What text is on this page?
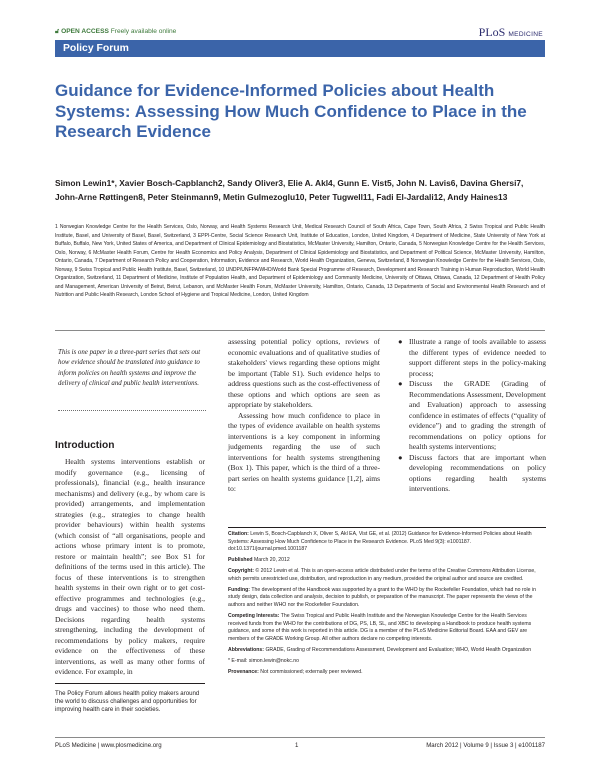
🔓︎ OPEN ACCESS Freely available online	PLoS MEDICINE
Policy Forum
Guidance for Evidence-Informed Policies about Health Systems: Assessing How Much Confidence to Place in the Research Evidence
Simon Lewin1*, Xavier Bosch-Capblanch2, Sandy Oliver3, Elie A. Akl4, Gunn E. Vist5, John N. Lavis6, Davina Ghersi7, John-Arne Røttingen8, Peter Steinmann9, Metin Gulmezoglu10, Peter Tugwell11, Fadi El-Jardali12, Andy Haines13
1 Norwegian Knowledge Centre for the Health Services, Oslo, Norway, and Health Systems Research Unit, Medical Research Council of South Africa, Cape Town, South Africa, 2 Swiss Tropical and Public Health Institute, Basel, and University of Basel, Basel, Switzerland, 3 EPPI-Centre, Social Science Research Unit, Institute of Education, London, United Kingdom, 4 Department of Medicine, State University of New York at Buffalo, Buffalo, New York, United States of America, and Department of Clinical Epidemiology and Biostatistics, McMaster University, Hamilton, Ontario, Canada, 5 Norwegian Knowledge Centre for the Health Services, Oslo, Norway, 6 McMaster Health Forum, Centre for Health Economics and Policy Analysis, Department of Clinical Epidemiology and Biostatistics, and Department of Political Science, McMaster University, Hamilton, Ontario, Canada, 7 Department of Research Policy and Cooperation, Information, Evidence and Research, World Health Organization, Geneva, Switzerland, 8 Norwegian Knowledge Centre for the Health Services, Oslo, Norway, 9 Swiss Tropical and Public Health Institute, Basel, Switzerland, 10 UNDP/UNFPA/WHO/World Bank Special Programme of Research, Development and Research Training in Human Reproduction, World Health Organization, Switzerland, 11 Department of Medicine, Institute of Population Health, and Department of Epidemiology and Community Medicine, University of Ottawa, Ottawa, Canada, 12 Department of Health Policy and Management, American University of Beirut, Beirut, Lebanon, and McMaster Health Forum, McMaster University, Hamilton, Ontario, Canada, 13 Departments of Social and Environmental Health Research and of Nutrition and Public Health Research, London School of Hygiene and Tropical Medicine, London, United Kingdom
This is one paper in a three-part series that sets out how evidence should be translated into guidance to inform policies on health systems and improve the delivery of clinical and public health interventions.
Introduction

Health systems interventions establish or modify governance (e.g., licensing of professionals), financial (e.g., health insurance mechanisms) and delivery (e.g., by whom care is provided) arrangements, and implementation strategies (e.g., strategies to change health provider behaviours) within health systems (which consist of “all organisations, people and actions whose primary intent is to promote, restore or maintain health”; see Box S1 for definitions of the terms used in this article). The focus of these interventions is to strengthen health systems in their own right or to get cost-effective programmes and technologies (e.g., drugs and vaccines) to those who need them. Decisions regarding health systems strengthening, including the development of recommendations by policy makers, require evidence on the effectiveness of these interventions, as well as many other forms of evidence. For example, in

assessing potential policy options, reviews of economic evaluations and of qualitative studies of stakeholders' views regarding these options might be important (Table S1). Such evidence helps to address questions such as the cost-effectiveness of these options and which options are seen as appropriate by stakeholders.

Assessing how much confidence to place in the types of evidence available on health systems interventions is a key component in informing judgements regarding the use of such interventions for health systems strengthening (Box 1). This paper, which is the third of a three-part series on health systems guidance [1,2], aims to:

● Illustrate a range of tools available to assess the different types of evidence needed to support different steps in the policy-making process;
● Discuss the GRADE (Grading of Recommendations Assessment, Development and Evaluation) approach to assessing confidence in estimates of effects (“quality of evidence”) and to grading the strength of recommendations on policy options for health systems interventions;
● Discuss factors that are important when developing recommendations on policy options regarding health systems interventions.
The Policy Forum allows health policy makers around the world to discuss challenges and opportunities for improving health care in their societies.
Citation: Lewin S, Bosch-Capblanch X, Oliver S, Akl EA, Vist GE, et al. (2012) Guidance for Evidence-Informed Policies about Health Systems: Assessing How Much Confidence to Place in the Research Evidence. PLoS Med 9(3): e1001187. doi:10.1371/journal.pmed.1001187
Published March 20, 2012
Copyright: © 2012 Lewin et al. This is an open-access article distributed under the terms of the Creative Commons Attribution License, which permits unrestricted use, distribution, and reproduction in any medium, provided the original author and source are credited.
Funding: The development of the Handbook was supported by a grant to the WHO by the Rockefeller Foundation, which had no role in study design, data collection and analysis, decision to publish, or preparation of the manuscript. The paper represents the views of the authors and neither WHO nor the Rockefeller Foundation.
Competing Interests: The Swiss Tropical and Public Health Institute and the Norwegian Knowledge Centre for the Health Services received funds from the WHO for the contributions of DG, PS, LB, SL, and XBC to developing a Handbook to produce health systems guidance, and some of this work is reported in this article. DG is a member of the PLoS Medicine Editorial Board. EAA and GEV are members of the GRADE Working Group. All other authors declare no competing interests.
Abbreviations: GRADE, Grading of Recommendations Assessment, Development and Evaluation; WHO, World Health Organization
* E-mail: simon.lewin@nokc.no
Provenance: Not commissioned; externally peer reviewed.
PLoS Medicine | www.plosmedicine.org	1	March 2012 | Volume 9 | Issue 3 | e1001187
